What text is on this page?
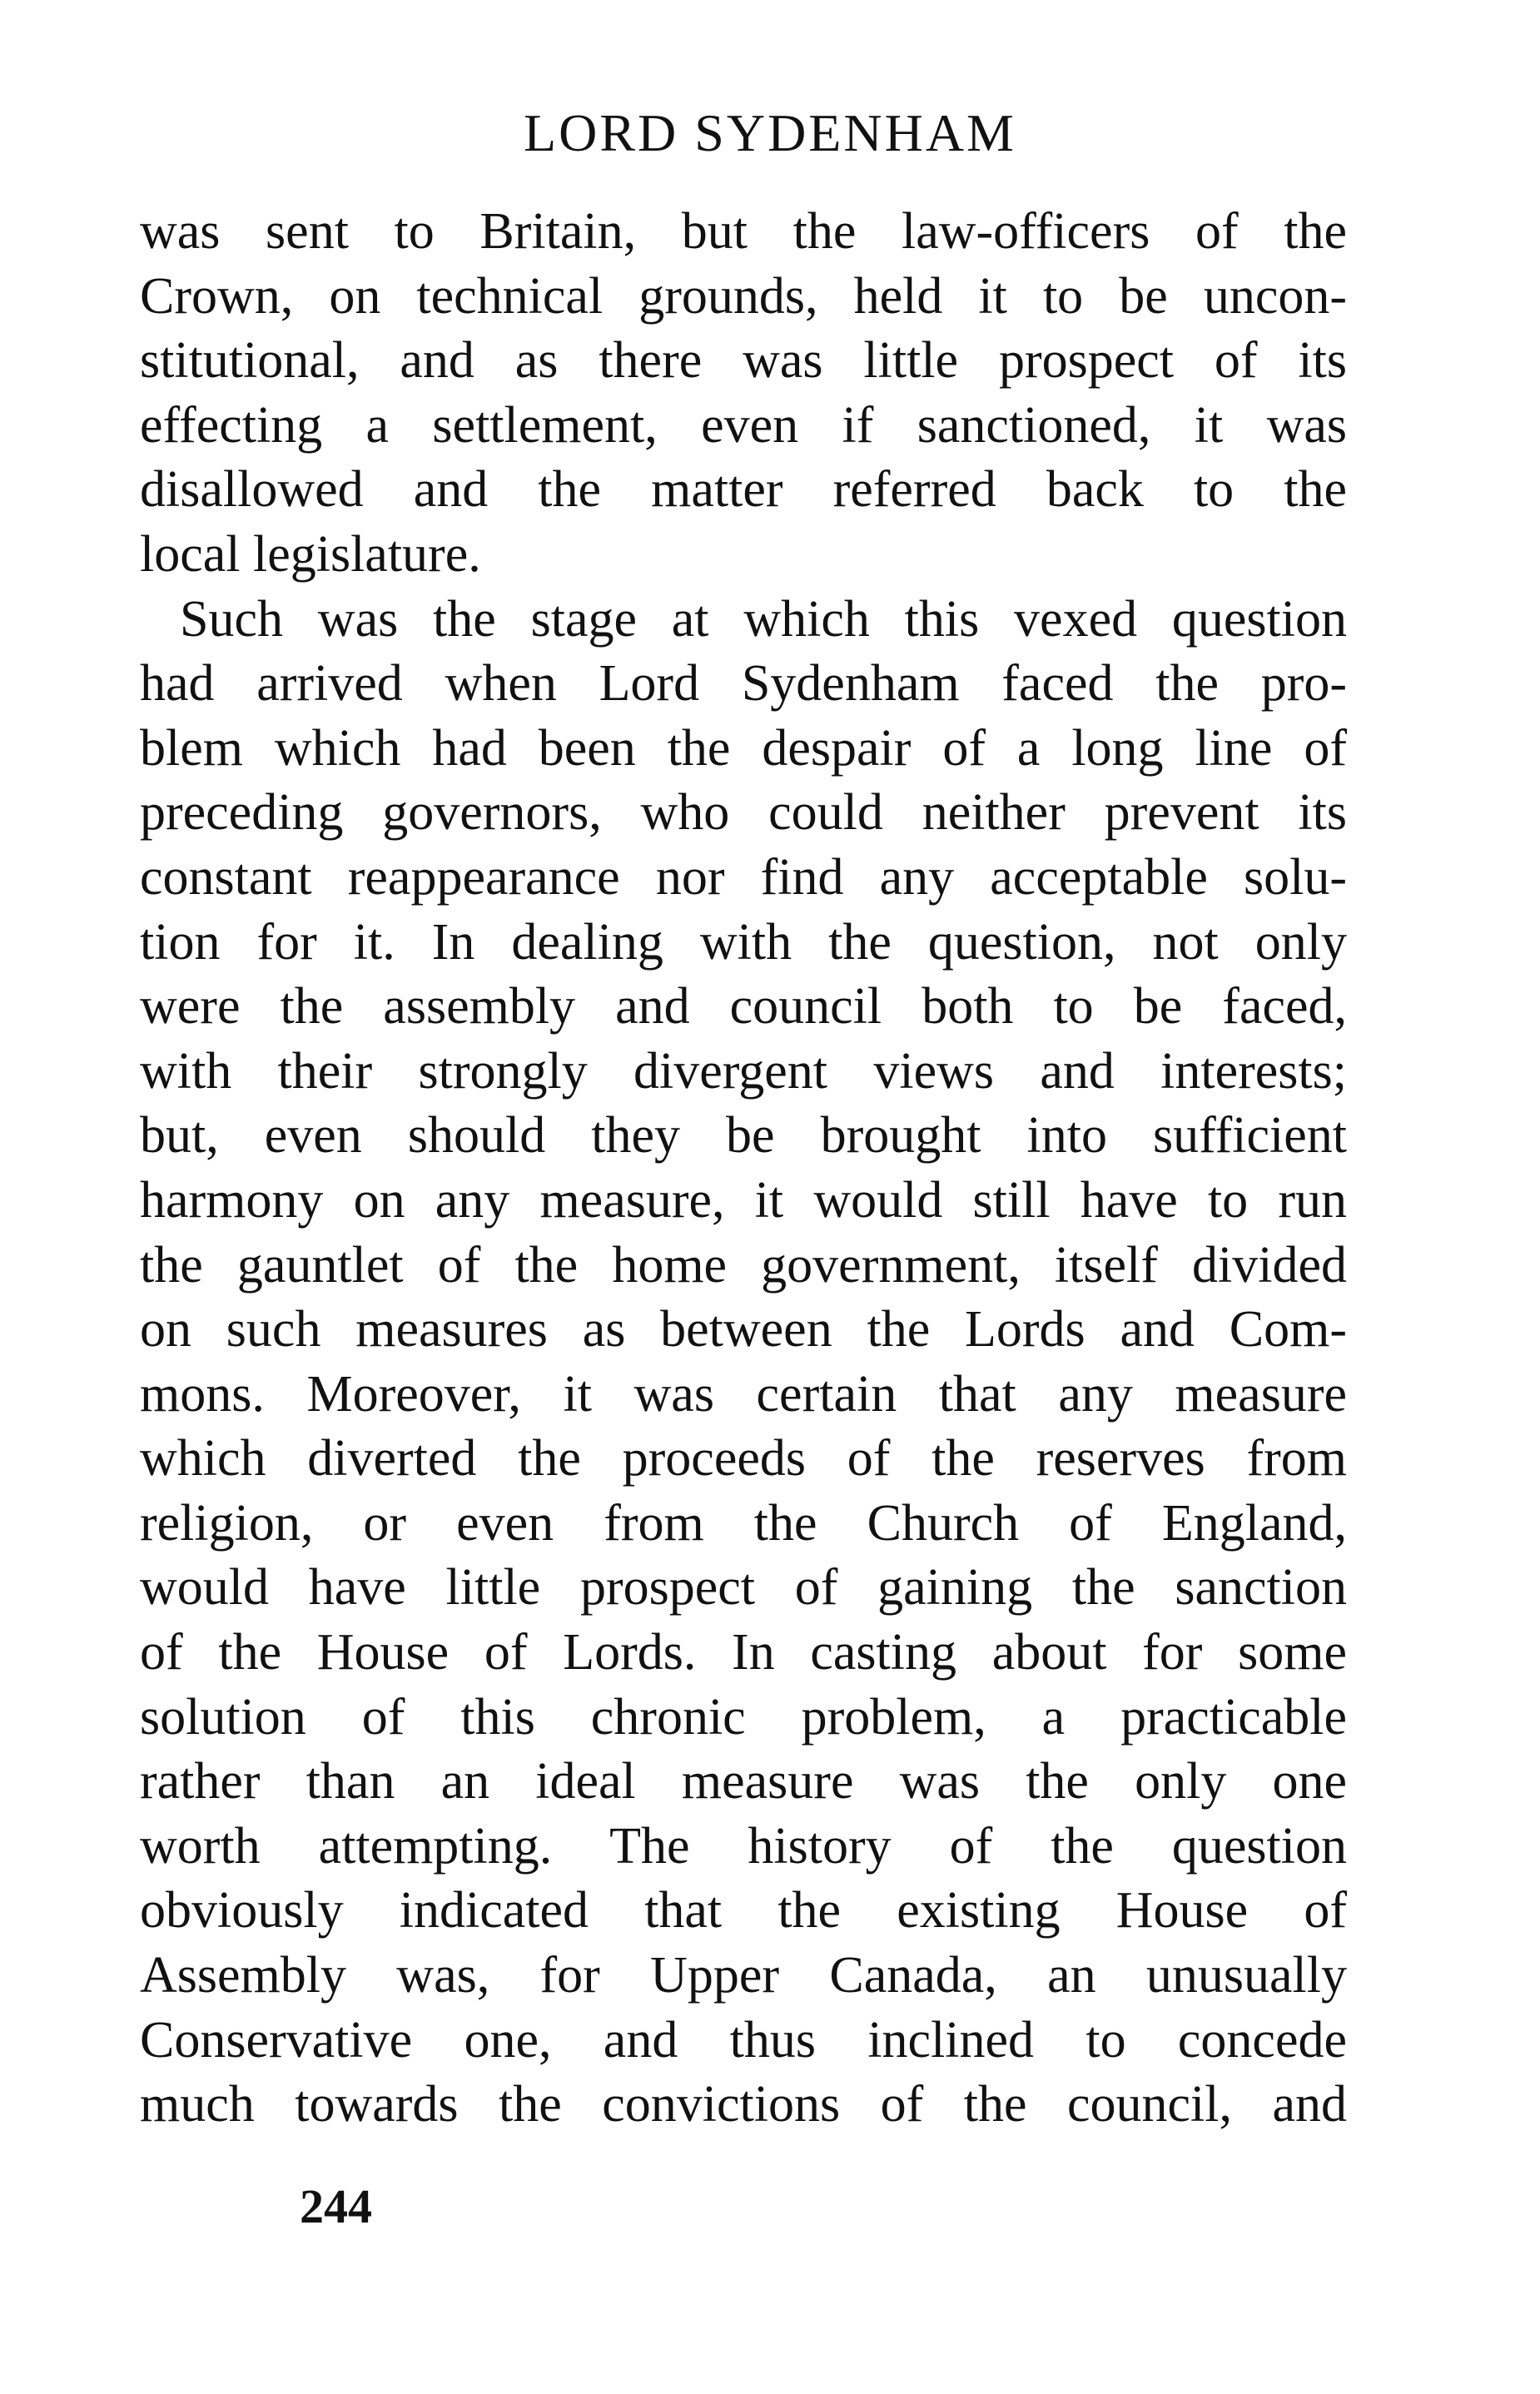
LORD SYDENHAM
was sent to Britain, but the law-officers of the
Crown, on technical grounds, held it to be uncon-
stitutional, and as there was little prospect of its
effecting a settlement, even if sanctioned, it was
disallowed and the matter referred back to the
local legislature.
Such was the stage at which this vexed question
had arrived when Lord Sydenham faced the pro-
blem which had been the despair of a long line of
preceding governors, who could neither prevent its
constant reappearance nor find any acceptable solu-
tion for it. In dealing with the question, not only
were the assembly and council both to be faced,
with their strongly divergent views and interests;
but, even should they be brought into sufficient
harmony on any measure, it would still have to run
the gauntlet of the home government, itself divided
on such measures as between the Lords and Com-
mons. Moreover, it was certain that any measure
which diverted the proceeds of the reserves from
religion, or even from the Church of England,
would have little prospect of gaining the sanction
of the House of Lords. In casting about for some
solution of this chronic problem, a practicable
rather than an ideal measure was the only one
worth attempting. The history of the question
obviously indicated that the existing House of
Assembly was, for Upper Canada, an unusually
Conservative one, and thus inclined to concede
much towards the convictions of the council, and
244
